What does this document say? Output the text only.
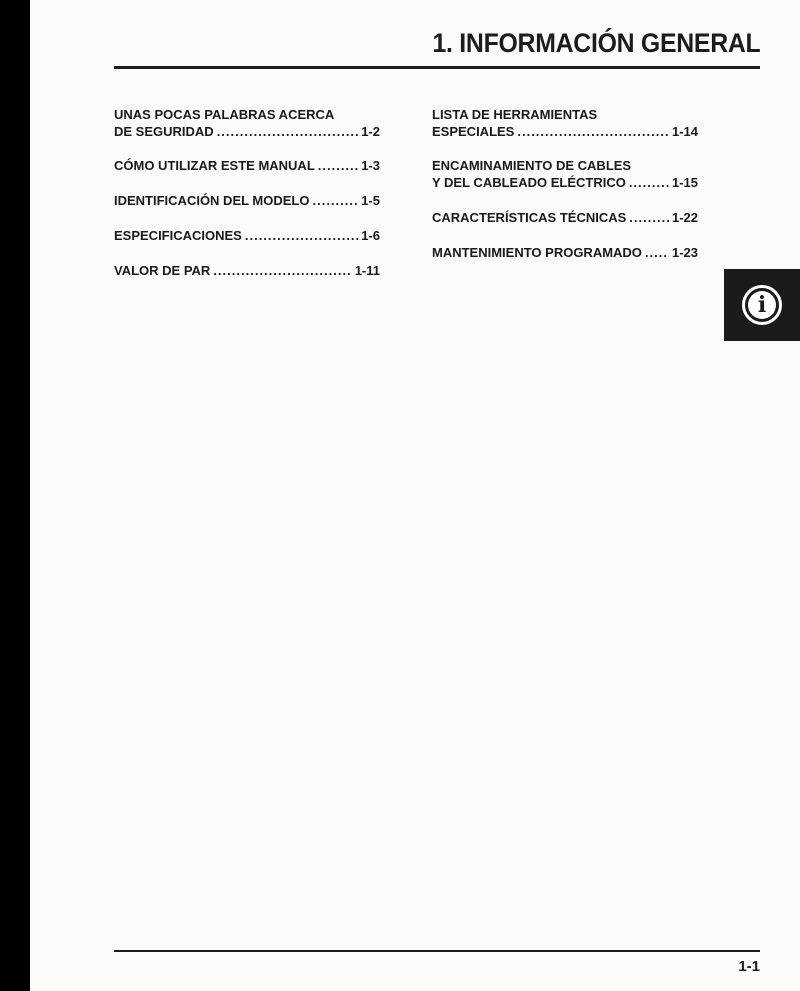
1. INFORMACIÓN GENERAL
UNAS POCAS PALABRAS ACERCA
DE SEGURIDAD .....	1-2
CÓMO UTILIZAR ESTE MANUAL .....	1-3
IDENTIFICACIÓN DEL MODELO .....	1-5
ESPECIFICACIONES .....	1-6
VALOR DE PAR .....	1-11
LISTA DE HERRAMIENTAS
ESPECIALES .....	1-14
ENCAMINAMIENTO DE CABLES
Y DEL CABLEADO ELÉCTRICO .....	1-15
CARACTERÍSTICAS TÉCNICAS .....	1-22
MANTENIMIENTO PROGRAMADO ..... 1-23
i
1-1
